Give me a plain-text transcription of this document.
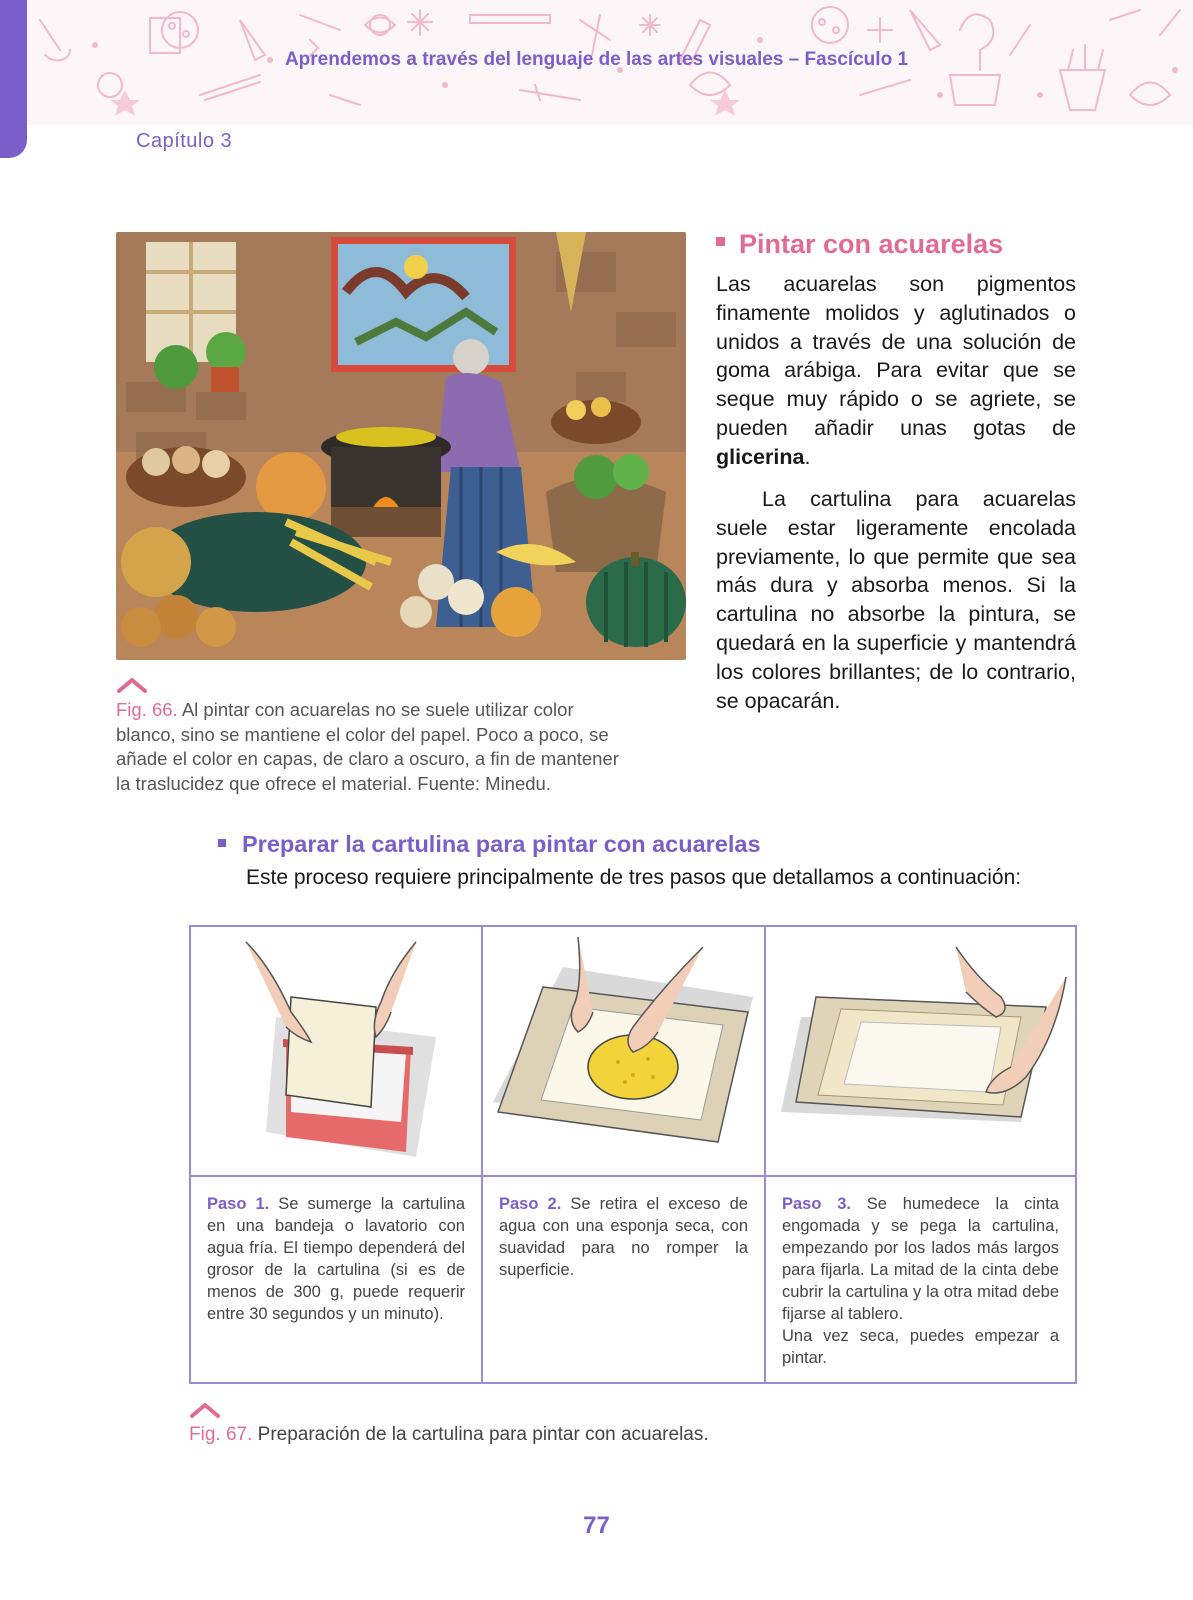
Aprendemos a través del lenguaje de las artes visuales – Fascículo 1
Capítulo 3
Fig. 66. Al pintar con acuarelas no se suele utilizar color blanco, sino se mantiene el color del papel. Poco a poco, se añade el color en capas, de claro a oscuro, a fin de mantener la traslucidez que ofrece el material. Fuente: Minedu.
Pintar con acuarelas
Las acuarelas son pigmentos finamente molidos y aglutinados o unidos a través de una solución de goma arábiga. Para evitar que se seque muy rápido o se agriete, se pueden añadir unas gotas de glicerina.
La cartulina para acuarelas suele estar ligeramente encolada previamente, lo que permite que sea más dura y absorba menos. Si la cartulina no absorbe la pintura, se quedará en la superficie y mantendrá los colores brillantes; de lo contrario, se opacarán.
Preparar la cartulina para pintar con acuarelas
Este proceso requiere principalmente de tres pasos que detallamos a continuación:
Paso 1. Se sumerge la cartulina en una bandeja o lavatorio con agua fría. El tiempo dependerá del grosor de la cartulina (si es de menos de 300 g, puede requerir entre 30 segundos y un minuto).
Paso 2. Se retira el exceso de agua con una esponja seca, con suavidad para no romper la superficie.
Paso 3. Se humedece la cinta engomada y se pega la cartulina, empezando por los lados más largos para fijarla. La mitad de la cinta debe cubrir la cartulina y la otra mitad debe fijarse al tablero.
Una vez seca, puedes empezar a pintar.
Fig. 67. Preparación de la cartulina para pintar con acuarelas.
77
